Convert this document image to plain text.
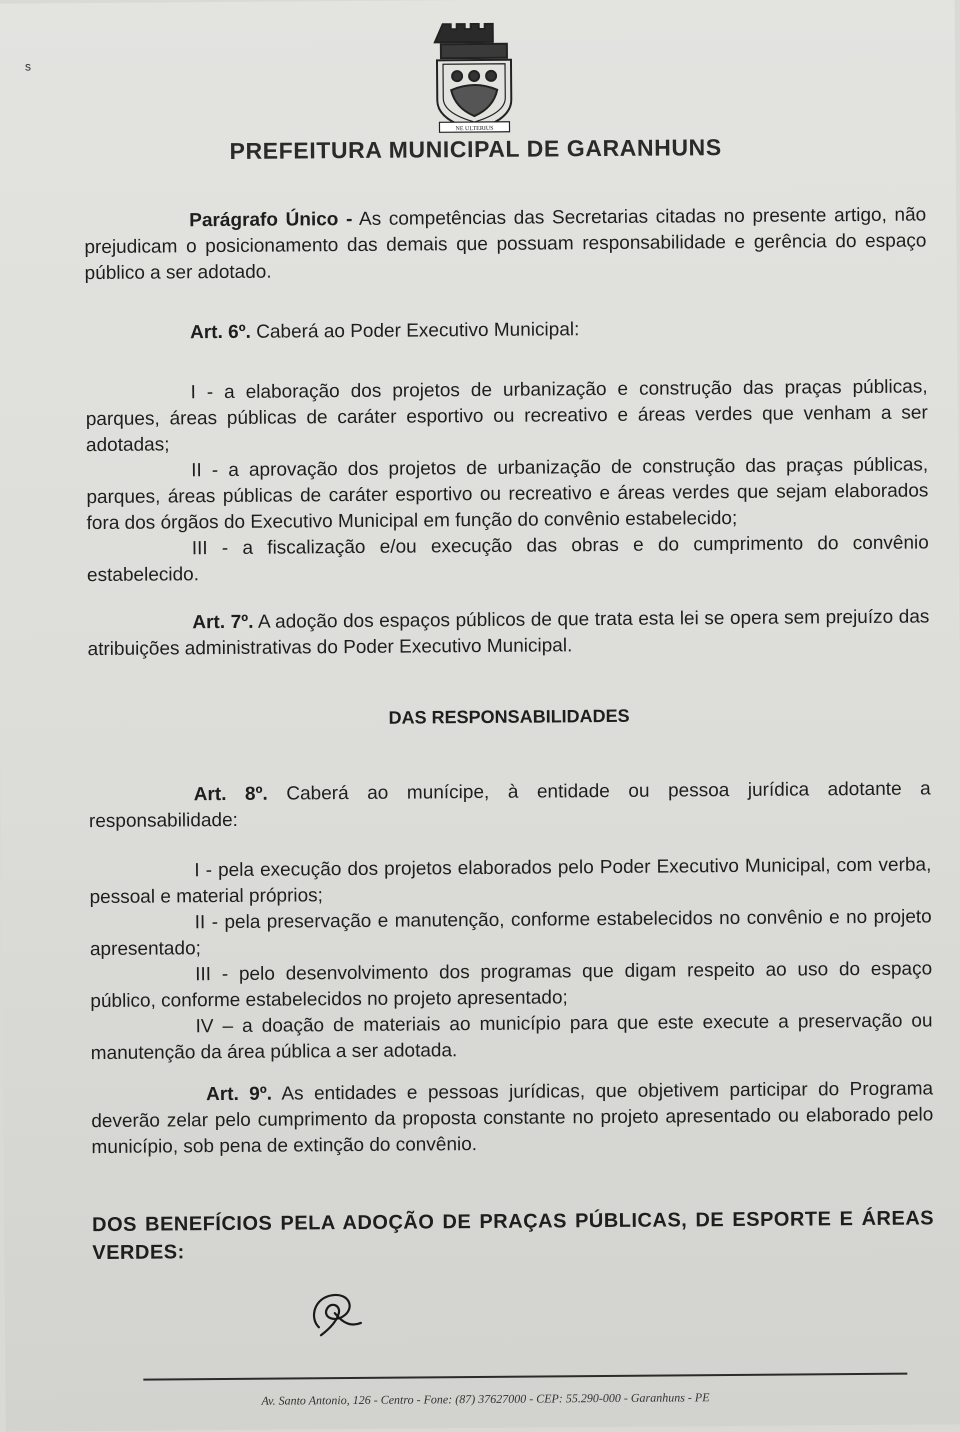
s
NE ULTERIUS
PREFEITURA MUNICIPAL DE GARANHUNS

Parágrafo Único - As competências das Secretarias citadas no presente artigo, não prejudicam o posicionamento das demais que possuam responsabilidade e gerência do espaço público a ser adotado.

Art. 6º. Caberá ao Poder Executivo Municipal:

I - a elaboração dos projetos de urbanização e construção das praças públicas, parques, áreas públicas de caráter esportivo ou recreativo e áreas verdes que venham a ser adotadas;

II - a aprovação dos projetos de urbanização de construção das praças públicas, parques, áreas públicas de caráter esportivo ou recreativo e áreas verdes que sejam elaborados fora dos órgãos do Executivo Municipal em função do convênio estabelecido;

III - a fiscalização e/ou execução das obras e do cumprimento do convênio estabelecido.

Art. 7º. A adoção dos espaços públicos de que trata esta lei se opera sem prejuízo das atribuições administrativas do Poder Executivo Municipal.

DAS RESPONSABILIDADES

Art. 8º. Caberá ao munícipe, à entidade ou pessoa jurídica adotante a responsabilidade:

I - pela execução dos projetos elaborados pelo Poder Executivo Municipal, com verba, pessoal e material próprios;

II - pela preservação e manutenção, conforme estabelecidos no convênio e no projeto apresentado;

III - pelo desenvolvimento dos programas que digam respeito ao uso do espaço público, conforme estabelecidos no projeto apresentado;

IV – a doação de materiais ao município para que este execute a preservação ou manutenção da área pública a ser adotada.

Art. 9º. As entidades e pessoas jurídicas, que objetivem participar do Programa deverão zelar pelo cumprimento da proposta constante no projeto apresentado ou elaborado pelo município, sob pena de extinção do convênio.

DOS BENEFÍCIOS PELA ADOÇÃO DE PRAÇAS PÚBLICAS, DE ESPORTE E ÁREAS VERDES:

Av. Santo Antonio, 126 - Centro - Fone: (87) 37627000 - CEP: 55.290-000 - Garanhuns - PE
